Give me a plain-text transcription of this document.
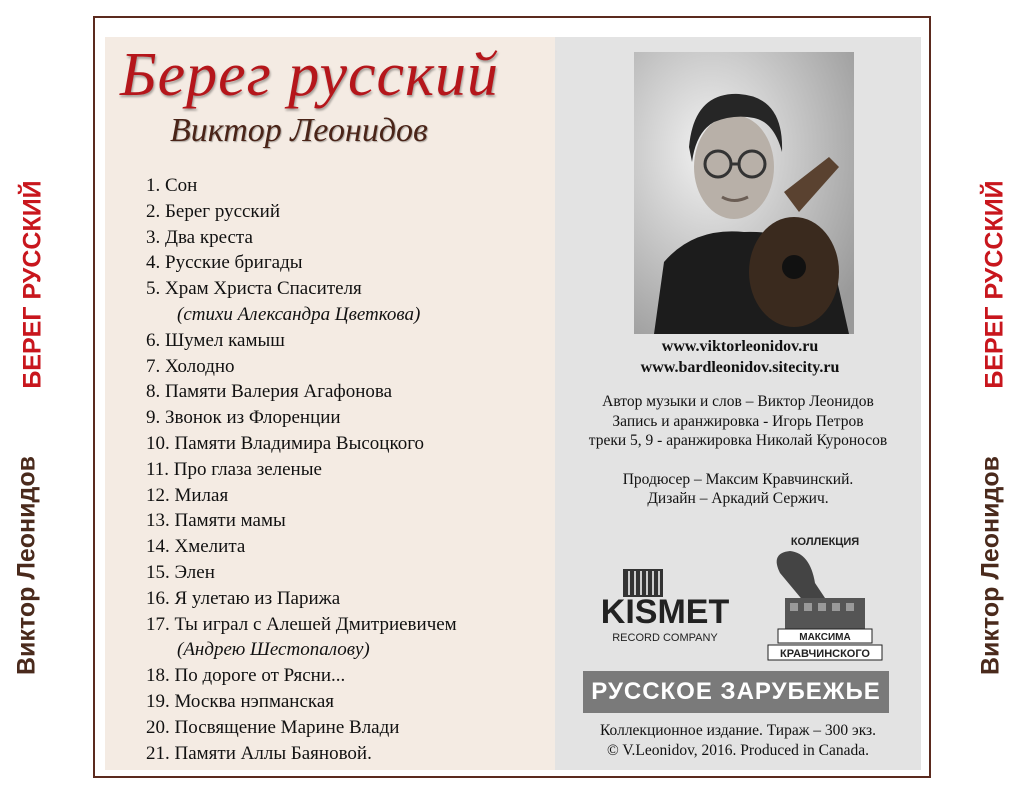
БЕРЕГ РУССКИЙ
Виктор Леонидов
Берег русский
Виктор Леонидов
1. Сон
2. Берег русский
3. Два креста
4. Русские бригады
5. Храм Христа Спасителя
(стихи Александра Цветкова)
6. Шумел камыш
7. Холодно
8. Памяти Валерия Агафонова
9. Звонок из Флоренции
10. Памяти Владимира Высоцкого
11. Про глаза зеленые
12. Милая
13. Памяти мамы
14. Хмелита
15. Элен
16. Я улетаю из Парижа
17. Ты играл с Алешей Дмитриевичем
(Андрею Шестопалову)
18. По дороге от Рясни...
19. Москва нэпманская
20. Посвящение Марине Влади
21. Памяти Аллы Баяновой.
www.viktorleonidov.ru
www.bardleonidov.sitecity.ru

Автор музыки и слов – Виктор Леонидов

Запись и аранжировка - Игорь Петров

треки 5, 9 - аранжировка Николай Куроносов

Продюсер – Максим Кравчинский.

Дизайн – Аркадий Сержич.

KISMET
RECORD COMPANY
КОЛЛЕКЦИЯ
МАКСИМА
КРАВЧИНСКОГО
РУССКОЕ ЗАРУБЕЖЬЕ

Коллекционное издание. Тираж – 300 экз.

© V.Leonidov, 2016. Produced in Canada.

БЕРЕГ РУССКИЙ
Виктор Леонидов
